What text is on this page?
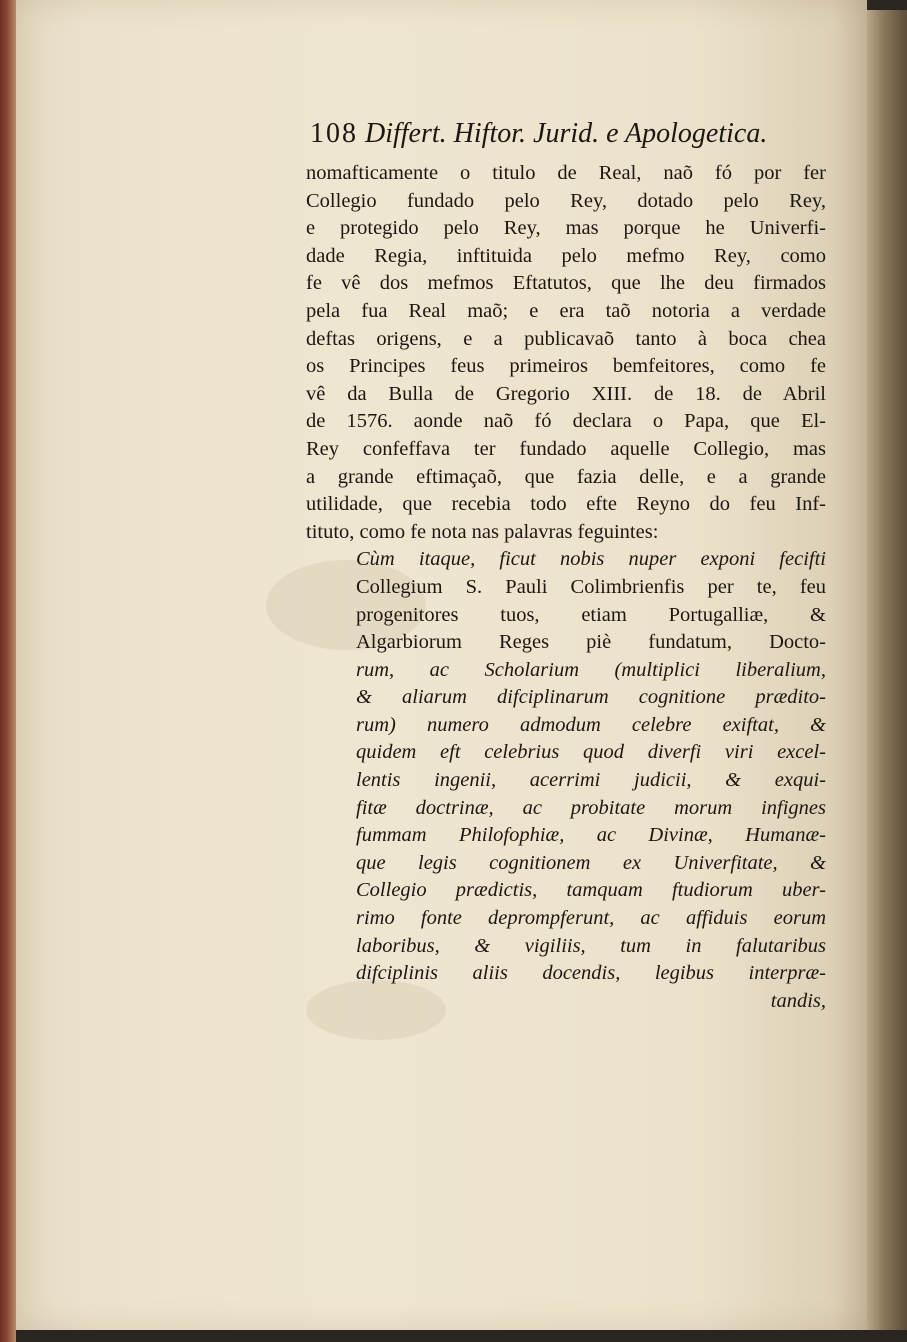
108 Differt. Hiftor. Jurid. e Apologetica.
nomafticamente o titulo de Real, naõ fó por fer
Collegio fundado pelo Rey, dotado pelo Rey,
e protegido pelo Rey, mas porque he Univerfi-
dade Regia, inftituida pelo mefmo Rey, como
fe vê dos mefmos Eftatutos, que lhe deu firmados
pela fua Real maõ; e era taõ notoria a verdade
deftas origens, e a publicavaõ tanto à boca chea
os Principes feus primeiros bemfeitores, como fe
vê da Bulla de Gregorio XIII. de 18. de Abril
de 1576. aonde naõ fó declara o Papa, que El-
Rey confeffava ter fundado aquelle Collegio, mas
a grande eftimaçaõ, que fazia delle, e a grande
utilidade, que recebia todo efte Reyno do feu Inf-
tituto, como fe nota nas palavras feguintes:
Cùm itaque, ficut nobis nuper exponi fecifti
Collegium S. Pauli Colimbrienfis per te, feu
progenitores tuos, etiam Portugalliæ, &
Algarbiorum Reges piè fundatum, Docto-
rum, ac Scholarium (multiplici liberalium,
& aliarum difciplinarum cognitione prædito-
rum) numero admodum celebre exiftat, &
quidem eft celebrius quod diverfi viri excel-
lentis ingenii, acerrimi judicii, & exqui-
fitæ doctrinæ, ac probitate morum infignes
fummam Philofophiæ, ac Divinæ, Humanæ-
que legis cognitionem ex Univerfitate, &
Collegio prædictis, tamquam ftudiorum uber-
rimo fonte deprompferunt, ac affiduis eorum
laboribus, & vigiliis, tum in falutaribus
difciplinis aliis docendis, legibus interpræ-
tandis,
